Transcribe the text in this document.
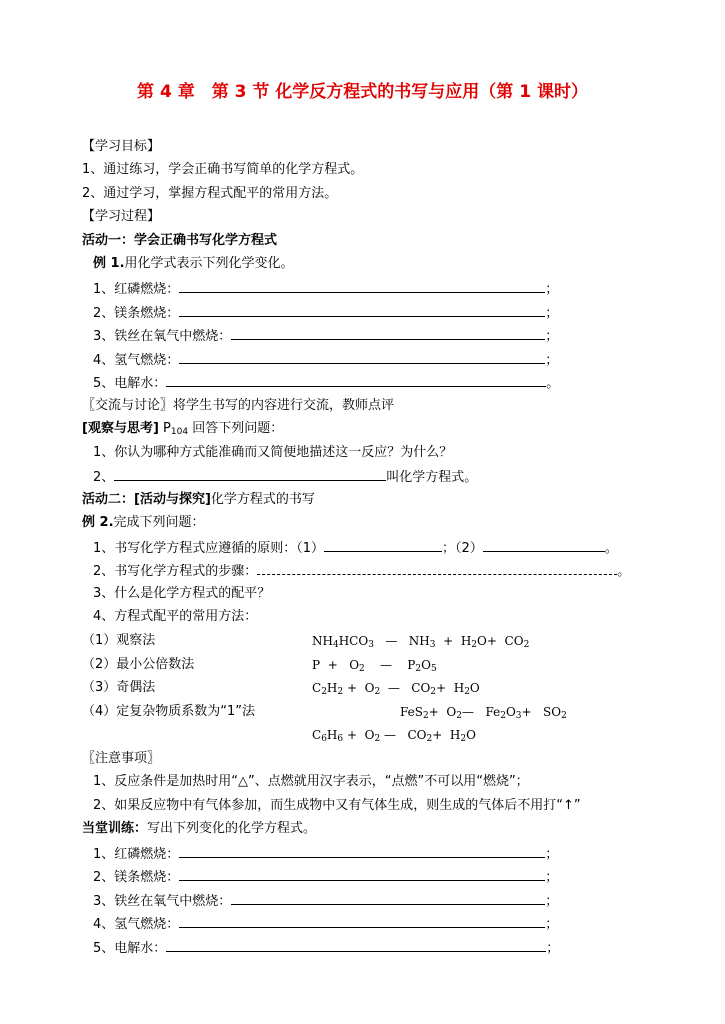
第 4 章　第 3 节 化学反方程式的书写与应用（第 1 课时）
【学习目标】
1、通过练习，学会正确书写简单的化学方程式。
2、通过学习，掌握方程式配平的常用方法。
【学习过程】
活动一：学会正确书写化学方程式
例 1.用化学式表示下列化学变化。
1、红磷燃烧：	；
2、镁条燃烧：	；
3、铁丝在氧气中燃烧：	；
4、氢气燃烧：	；
5、电解水：	。
〖交流与讨论〗将学生书写的内容进行交流，教师点评
[观察与思考] $P_{104}$ 回答下列问题：
1、你认为哪种方式能准确而又简便地描述这一反应？为什么？
2、	叫化学方程式。
活动二：[活动与探究]化学方程式的书写
例 2.完成下列问题：
1、书写化学方程式应遵循的原则：（1）	；（2）	。
2、书写化学方程式的步骤：	。
3、什么是化学方程式的配平？
4、方程式配平的常用方法：
（1）观察法	$NH_4HCO_3$   —   $NH_3 + H_2O+ CO_2$
（2）最小公倍数法	$P + O_2$    —    $P_2O_5$
（3）奇偶法	$C_2H_2 + O_2$  —   $CO_2+ H_2O$
（4）定复杂物质系数为“1”法	$FeS_2+ O_2—$   $Fe_2O_3+ SO_2$
$C_6H_6 + O_2$ —   $CO_2+ H_2O$
〖注意事项〗
1、反应条件是加热时用“△”、点燃就用汉字表示，“点燃”不可以用“燃烧”；
2、如果反应物中有气体参加，而生成物中又有气体生成，则生成的气体后不用打“↑”
当堂训练：写出下列变化的化学方程式。
1、红磷燃烧：	；
2、镁条燃烧：	；
3、铁丝在氧气中燃烧：	；
4、氢气燃烧：	；
5、电解水：	；
